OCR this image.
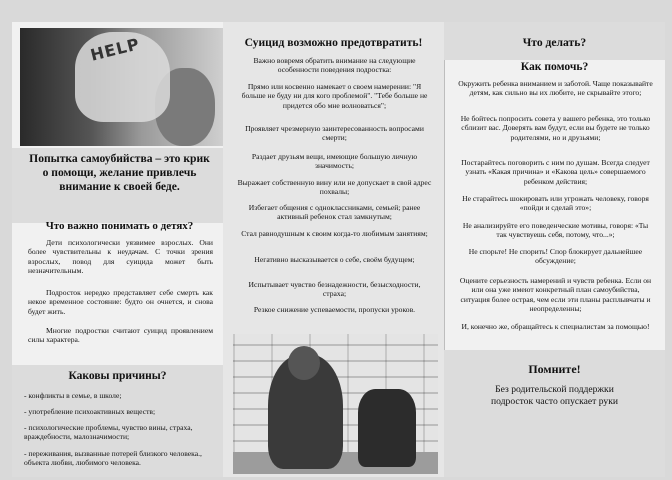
HELP

Попытка самоубийства – это крик о помощи, желание привлечь внимание к своей беде.

Что важно понимать о детях?

Дети психологически уязвимее взрослых. Они более чувствительны к неудачам. С точки зрения взрослых, повод для суицида может быть незначительным.

Подросток нередко представляет себе смерть как некое временное состояние: будто он очнется, и снова будет жить.

Многие подростки считают суицид проявлением силы характера.

Каковы причины?

- конфликты в семье, в школе;

- употребление психоактивных веществ;

- психологические проблемы, чувство вины, страха, враждебности, малозначимости;

- переживания, вызванные потерей близкого человека., объекта любви, любимого человека.

Суицид возможно предотвратить!

Важно вовремя обратить внимание на следующие особенности поведения подростка:

Прямо или косвенно намекает о своем намерении: "Я больше не буду ни для кого проблемой". "Тебе больше не придется обо мне волноваться";

Проявляет чрезмерную заинтересованность вопросами смерти;

Раздает друзьям вещи, имеющие большую личную значимость;

Выражает собственную вину или не допускает в свой адрес похвалы;

Избегает общения с одноклассниками, семьей; ранее активный ребенок стал замкнутым;

Стал равнодушным к своим когда-то любимым занятиям;

Негативно высказывается о себе, своём будущем;

Испытывает чувство безнадежности, безысходности, страха;

Резкое снижение успеваемости, пропуски уроков.

Что делать?

Как помочь?

Окружить ребенка вниманием и заботой. Чаще показывайте детям, как сильно вы их любите, не скрывайте этого;

Не бойтесь попросить совета у вашего ребенка, это только сблизит вас. Доверять вам будут, если вы будете не только родителями, но и друзьями;

Постарайтесь поговорить с ним по душам. Всегда следует узнать «Какая причина» и «Какова цель» совершаемого ребенком действия;

Не старайтесь шокировать или угрожать человеку, говоря «пойди и сделай это»;

Не анализируйте его поведенческие мотивы, говоря: «Ты так чувствуешь себя, потому, что...»;

Не спорьте! Не спорить! Спор блокирует дальнейшее обсуждение;

Оцените серьезность намерений и чувств ребенка. Если он или она уже имеют конкретный план самоубийства, ситуация более острая, чем если эти планы расплывчаты и неопределенны;

И, конечно же, обращайтесь к специалистам за помощью!

Помните!

Без родительской поддержки подросток часто опускает руки
